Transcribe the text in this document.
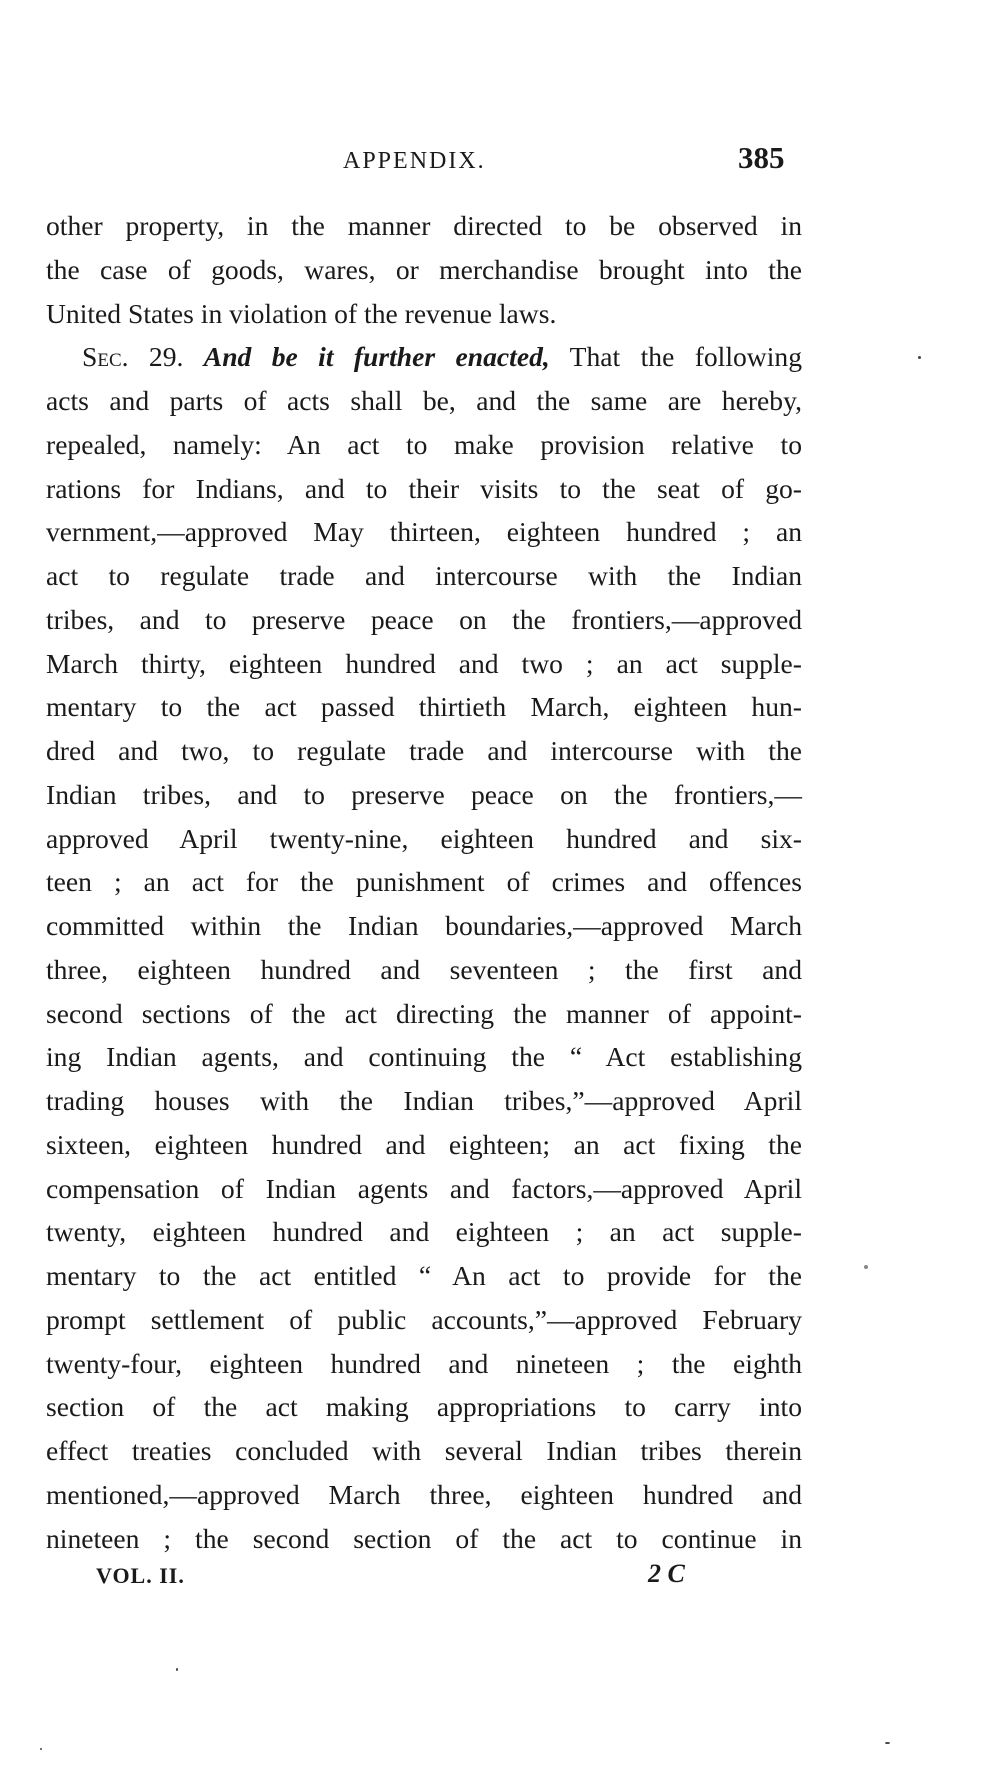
APPENDIX.	385
other property, in the manner directed to be observed in
the case of goods, wares, or merchandise brought into the
United States in violation of the revenue laws.
Sec. 29. And be it further enacted, That the following
acts and parts of acts shall be, and the same are hereby,
repealed, namely: An act to make provision relative to
rations for Indians, and to their visits to the seat of go-
vernment,—approved May thirteen, eighteen hundred ; an
act to regulate trade and intercourse with the Indian
tribes, and to preserve peace on the frontiers,—approved
March thirty, eighteen hundred and two ; an act supple-
mentary to the act passed thirtieth March, eighteen hun-
dred and two, to regulate trade and intercourse with the
Indian tribes, and to preserve peace on the frontiers,—
approved April twenty-nine, eighteen hundred and six-
teen ; an act for the punishment of crimes and offences
committed within the Indian boundaries,—approved March
three, eighteen hundred and seventeen ; the first and
second sections of the act directing the manner of appoint-
ing Indian agents, and continuing the “ Act establishing
trading houses with the Indian tribes,”—approved April
sixteen, eighteen hundred and eighteen; an act fixing the
compensation of Indian agents and factors,—approved April
twenty, eighteen hundred and eighteen ; an act supple-
mentary to the act entitled “ An act to provide for the
prompt settlement of public accounts,”—approved February
twenty-four, eighteen hundred and nineteen ; the eighth
section of the act making appropriations to carry into
effect treaties concluded with several Indian tribes therein
mentioned,—approved March three, eighteen hundred and
nineteen ; the second section of the act to continue in
VOL. II.	2 C
